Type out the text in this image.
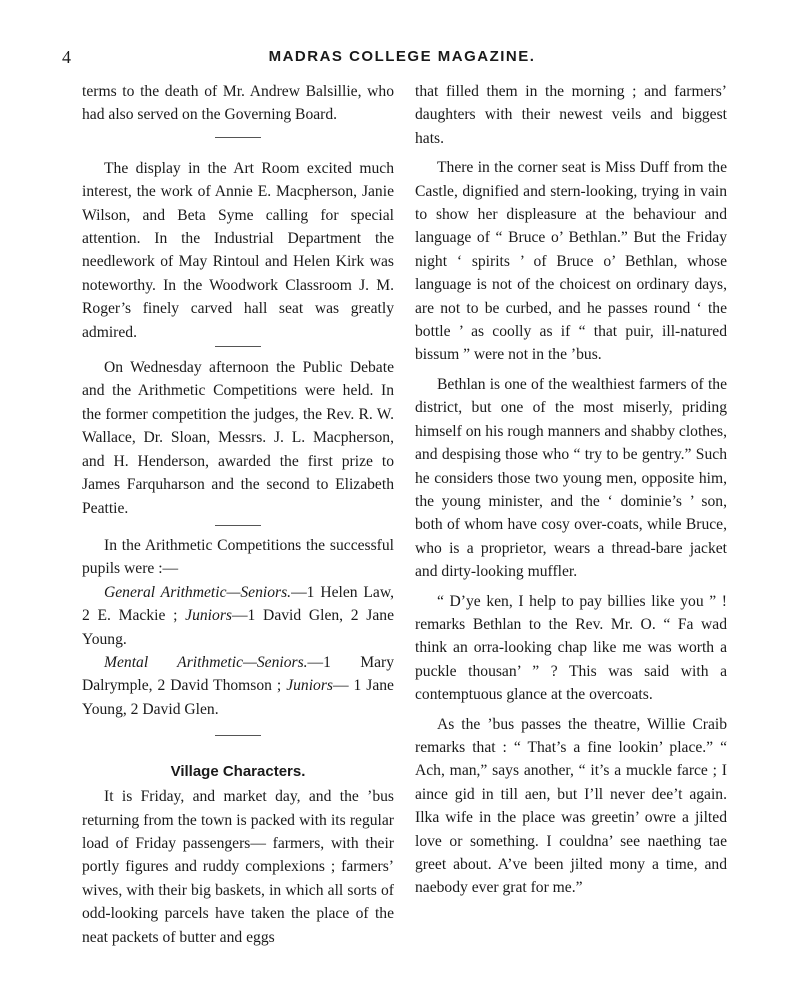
4	MADRAS COLLEGE MAGAZINE.

terms to the death of Mr. Andrew Balsillie, who had also served on the Governing Board.

The display in the Art Room excited much interest, the work of Annie E. Macpherson, Janie Wilson, and Beta Syme calling for special attention. In the Industrial Department the needlework of May Rintoul and Helen Kirk was noteworthy. In the Woodwork Classroom J. M. Roger’s finely carved hall seat was greatly admired.

On Wednesday afternoon the Public Debate and the Arithmetic Competitions were held. In the former competition the judges, the Rev. R. W. Wallace, Dr. Sloan, Messrs. J. L. Macpherson, and H. Henderson, awarded the first prize to James Farquharson and the second to Elizabeth Peattie.

In the Arithmetic Competitions the successful pupils were :—

General Arithmetic—Seniors.—1 Helen Law, 2 E. Mackie ; Juniors—1 David Glen, 2 Jane Young.

Mental Arithmetic—Seniors.—1 Mary Dalrymple, 2 David Thomson ; Juniors— 1 Jane Young, 2 David Glen.

Village Characters.

It is Friday, and market day, and the ’bus returning from the town is packed with its regular load of Friday passengers— farmers, with their portly figures and ruddy complexions ; farmers’ wives, with their big baskets, in which all sorts of odd-looking parcels have taken the place of the neat packets of butter and eggs

that filled them in the morning ; and farmers’ daughters with their newest veils and biggest hats.

There in the corner seat is Miss Duff from the Castle, dignified and stern-looking, trying in vain to show her displeasure at the behaviour and language of “ Bruce o’ Bethlan.” But the Friday night ‘ spirits ’ of Bruce o’ Bethlan, whose language is not of the choicest on ordinary days, are not to be curbed, and he passes round ‘ the bottle ’ as coolly as if “ that puir, ill-natured bissum ” were not in the ’bus.

Bethlan is one of the wealthiest farmers of the district, but one of the most miserly, priding himself on his rough manners and shabby clothes, and despising those who “ try to be gentry.” Such he considers those two young men, opposite him, the young minister, and the ‘ dominie’s ’ son, both of whom have cosy over-coats, while Bruce, who is a proprietor, wears a thread-bare jacket and dirty-looking muffler.

“ D’ye ken, I help to pay billies like you ” ! remarks Bethlan to the Rev. Mr. O. “ Fa wad think an orra-looking chap like me was worth a puckle thousan’ ” ? This was said with a contemptuous glance at the overcoats.

As the ’bus passes the theatre, Willie Craib remarks that : “ That’s a fine lookin’ place.” “ Ach, man,” says another, “ it’s a muckle farce ; I aince gid in till aen, but I’ll never dee’t again. Ilka wife in the place was greetin’ owre a jilted love or something. I couldna’ see naething tae greet about. A’ve been jilted mony a time, and naebody ever grat for me.”
